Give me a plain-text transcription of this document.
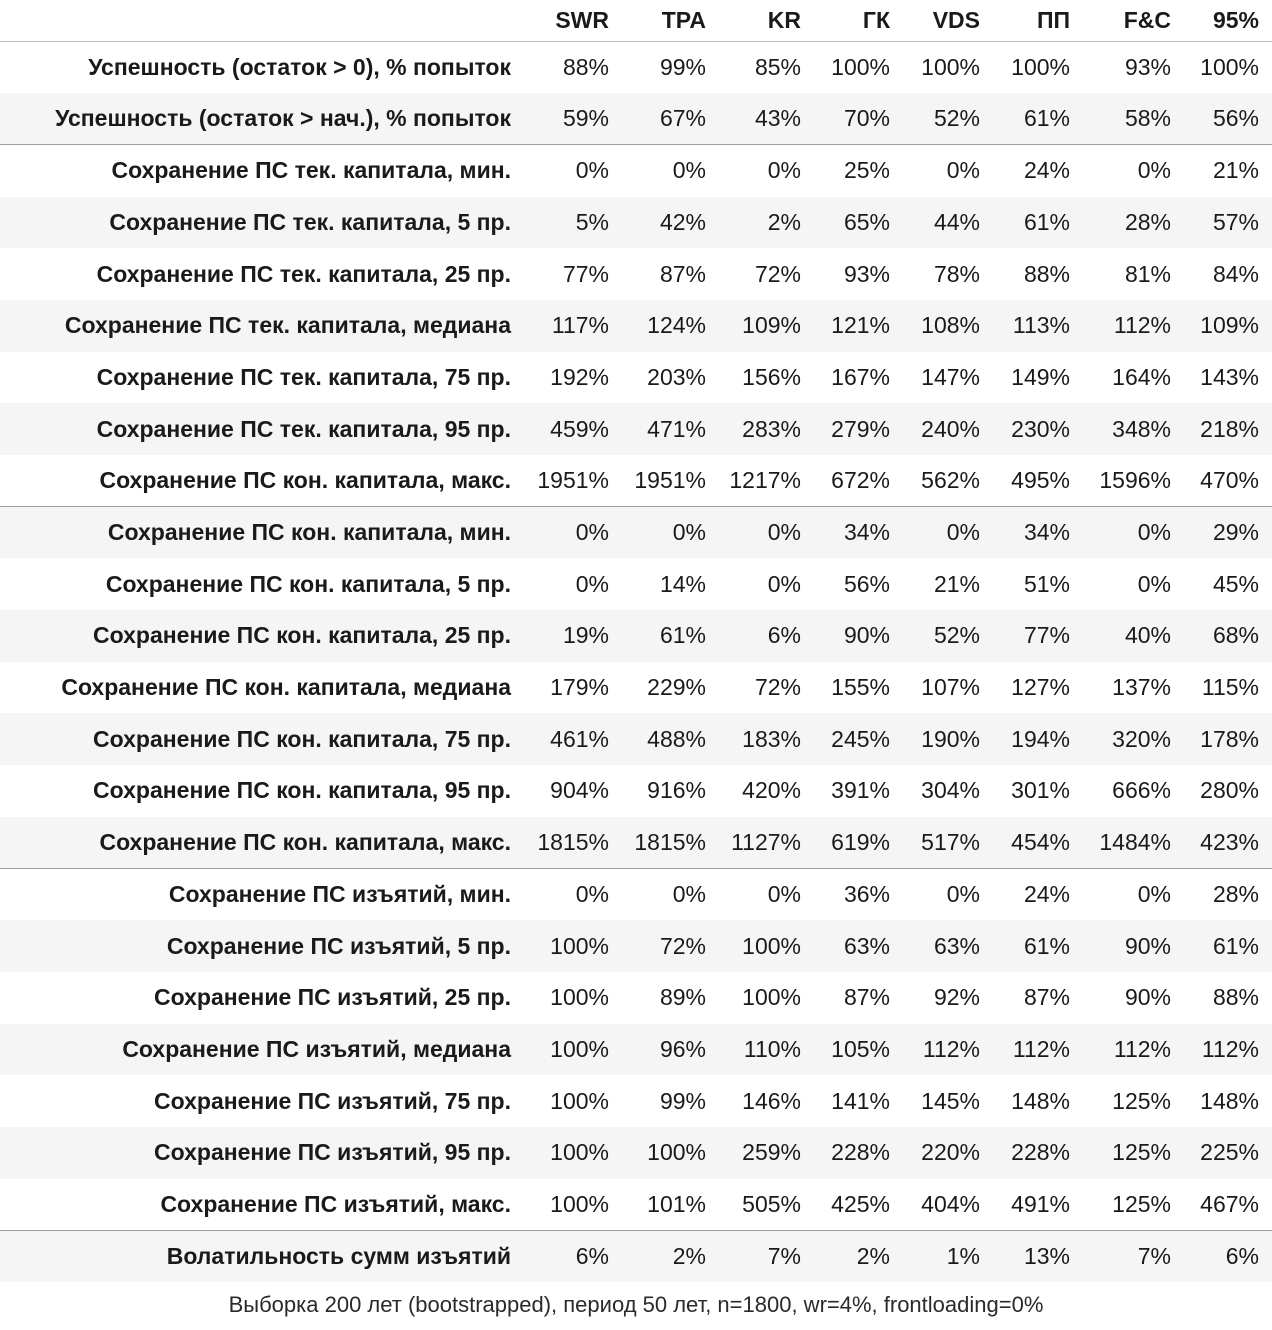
	SWR	TPA	KR	ГК	VDS	ПП	F&C	95%
Успешность (остаток > 0), % попыток	88%	99%	85%	100%	100%	100%	93%	100%
Успешность (остаток > нач.), % попыток	59%	67%	43%	70%	52%	61%	58%	56%
Сохранение ПС тек. капитала, мин.	0%	0%	0%	25%	0%	24%	0%	21%
Сохранение ПС тек. капитала, 5 пр.	5%	42%	2%	65%	44%	61%	28%	57%
Сохранение ПС тек. капитала, 25 пр.	77%	87%	72%	93%	78%	88%	81%	84%
Сохранение ПС тек. капитала, медиана	117%	124%	109%	121%	108%	113%	112%	109%
Сохранение ПС тек. капитала, 75 пр.	192%	203%	156%	167%	147%	149%	164%	143%
Сохранение ПС тек. капитала, 95 пр.	459%	471%	283%	279%	240%	230%	348%	218%
Сохранение ПС кон. капитала, макс.	1951%	1951%	1217%	672%	562%	495%	1596%	470%
Сохранение ПС кон. капитала, мин.	0%	0%	0%	34%	0%	34%	0%	29%
Сохранение ПС кон. капитала, 5 пр.	0%	14%	0%	56%	21%	51%	0%	45%
Сохранение ПС кон. капитала, 25 пр.	19%	61%	6%	90%	52%	77%	40%	68%
Сохранение ПС кон. капитала, медиана	179%	229%	72%	155%	107%	127%	137%	115%
Сохранение ПС кон. капитала, 75 пр.	461%	488%	183%	245%	190%	194%	320%	178%
Сохранение ПС кон. капитала, 95 пр.	904%	916%	420%	391%	304%	301%	666%	280%
Сохранение ПС кон. капитала, макс.	1815%	1815%	1127%	619%	517%	454%	1484%	423%
Сохранение ПС изъятий, мин.	0%	0%	0%	36%	0%	24%	0%	28%
Сохранение ПС изъятий, 5 пр.	100%	72%	100%	63%	63%	61%	90%	61%
Сохранение ПС изъятий, 25 пр.	100%	89%	100%	87%	92%	87%	90%	88%
Сохранение ПС изъятий, медиана	100%	96%	110%	105%	112%	112%	112%	112%
Сохранение ПС изъятий, 75 пр.	100%	99%	146%	141%	145%	148%	125%	148%
Сохранение ПС изъятий, 95 пр.	100%	100%	259%	228%	220%	228%	125%	225%
Сохранение ПС изъятий, макс.	100%	101%	505%	425%	404%	491%	125%	467%
Волатильность сумм изъятий	6%	2%	7%	2%	1%	13%	7%	6%
Выборка 200 лет (bootstrapped), период 50 лет, n=1800, wr=4%, frontloading=0%
